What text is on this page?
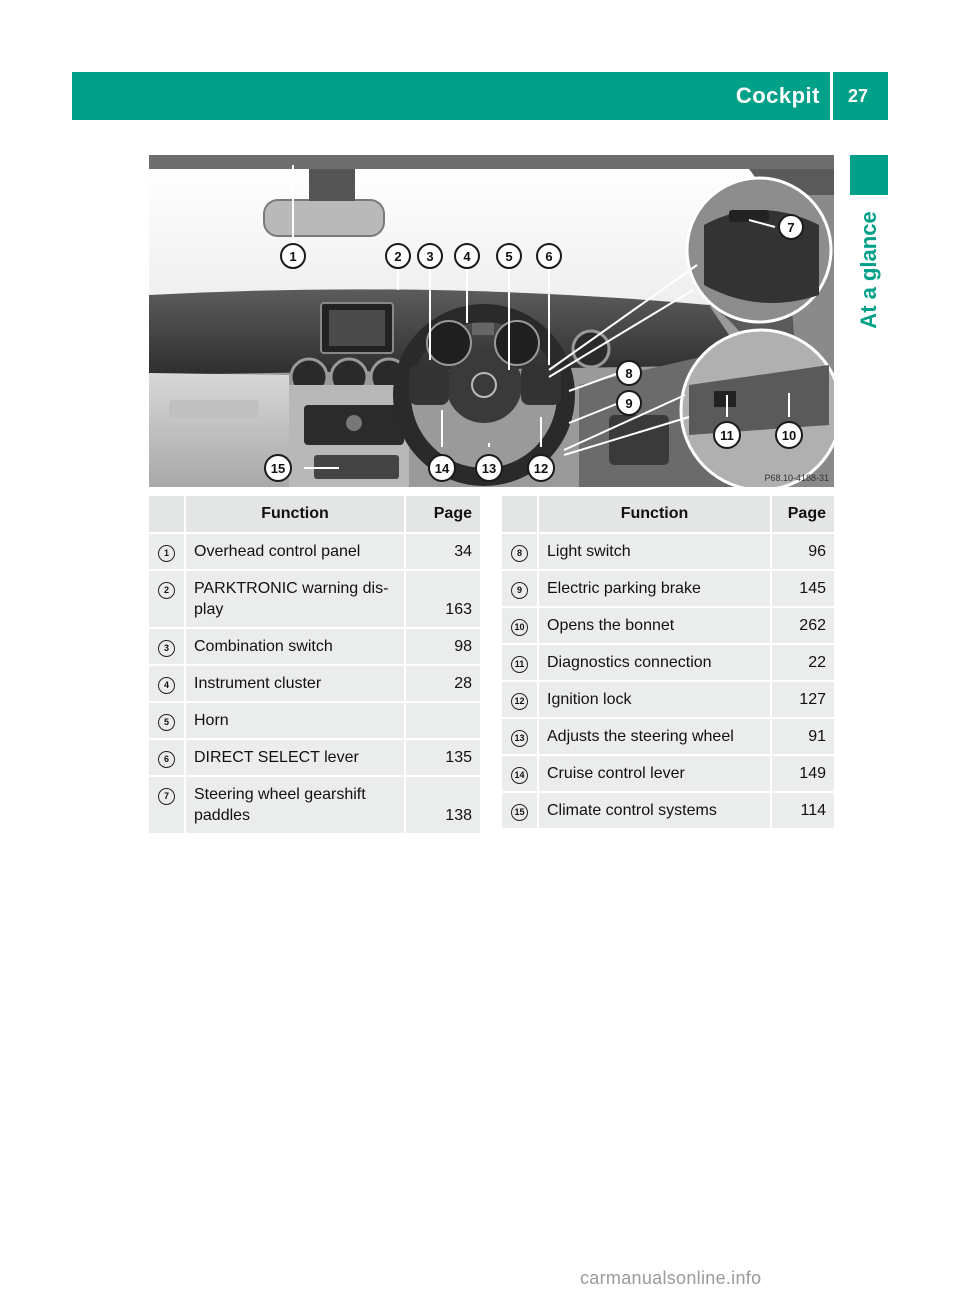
Cockpit	27
At a glance
1	2 3 4	5	6
7
8
9
10
11
12
13
14
15
P68.10-4188-31
	Function	Page
1	Overhead control panel	34
2	PARKTRONIC warning dis-
play	163
3	Combination switch	98
4	Instrument cluster	28
5	Horn	
6	DIRECT SELECT lever	135
7	Steering wheel gearshift
paddles	138
	Function	Page
8	Light switch	96
9	Electric parking brake	145
10	Opens the bonnet	262
11	Diagnostics connection	22
12	Ignition lock	127
13	Adjusts the steering wheel	91
14	Cruise control lever	149
15	Climate control systems	114
carmanualsonline.info
